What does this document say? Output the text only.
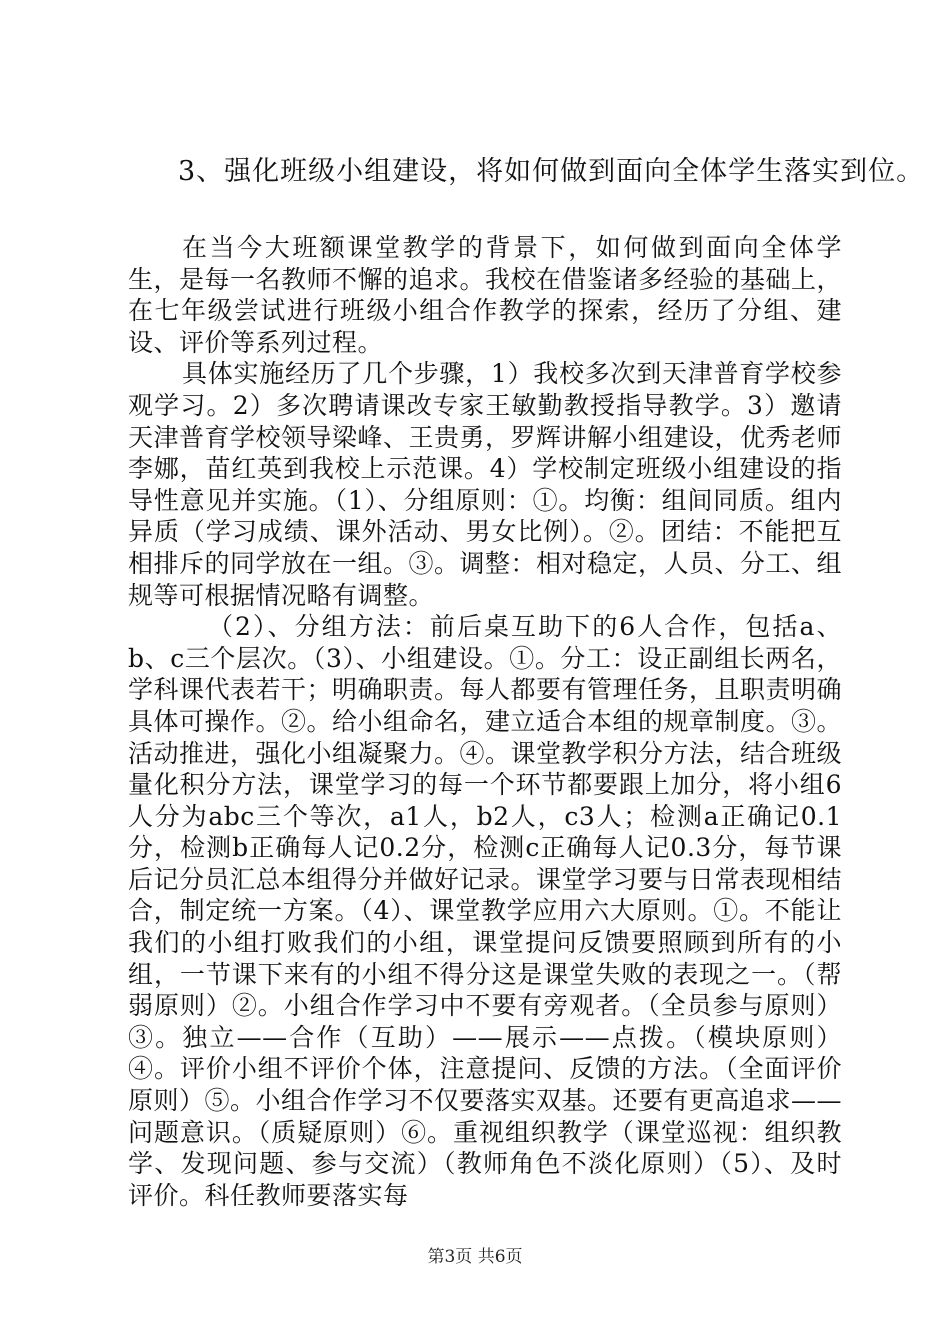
3、强化班级小组建设，将如何做到面向全体学生落实到位。

在当今大班额课堂教学的背景下，如何做到面向全体学生，是每一名教师不懈的追求。我校在借鉴诸多经验的基础上，在七年级尝试进行班级小组合作教学的探索，经历了分组、建设、评价等系列过程。

具体实施经历了几个步骤，1）我校多次到天津普育学校参观学习。2）多次聘请课改专家王敏勤教授指导教学。3）邀请天津普育学校领导梁峰、王贵勇，罗辉讲解小组建设，优秀老师李娜，苗红英到我校上示范课。4）学校制定班级小组建设的指导性意见并实施。（1）、分组原则：①。均衡：组间同质。组内异质（学习成绩、课外活动、男女比例）。②。团结：不能把互相排斥的同学放在一组。③。调整：相对稳定，人员、分工、组规等可根据情况略有调整。

（2）、分组方法：前后桌互助下的6人合作，包括a、b、c三个层次。（3）、小组建设。①。分工：设正副组长两名，学科课代表若干；明确职责。每人都要有管理任务，且职责明确具体可操作。②。给小组命名，建立适合本组的规章制度。③。活动推进，强化小组凝聚力。④。课堂教学积分方法，结合班级量化积分方法，课堂学习的每一个环节都要跟上加分，将小组6人分为abc三个等次，a1人，b2人，c3人；检测a正确记0.1分，检测b正确每人记0.2分，检测c正确每人记0.3分，每节课后记分员汇总本组得分并做好记录。课堂学习要与日常表现相结合，制定统一方案。（4）、课堂教学应用六大原则。①。不能让我们的小组打败我们的小组，课堂提问反馈要照顾到所有的小组，一节课下来有的小组不得分这是课堂失败的表现之一。（帮弱原则）②。小组合作学习中不要有旁观者。（全员参与原则）③。独立——合作（互助）——展示——点拨。（模块原则）④。评价小组不评价个体，注意提问、反馈的方法。（全面评价原则）⑤。小组合作学习不仅要落实双基。还要有更高追求——问题意识。（质疑原则）⑥。重视组织教学（课堂巡视：组织教学、发现问题、参与交流）（教师角色不淡化原则）（5）、及时评价。科任教师要落实每

第3页 共6页
